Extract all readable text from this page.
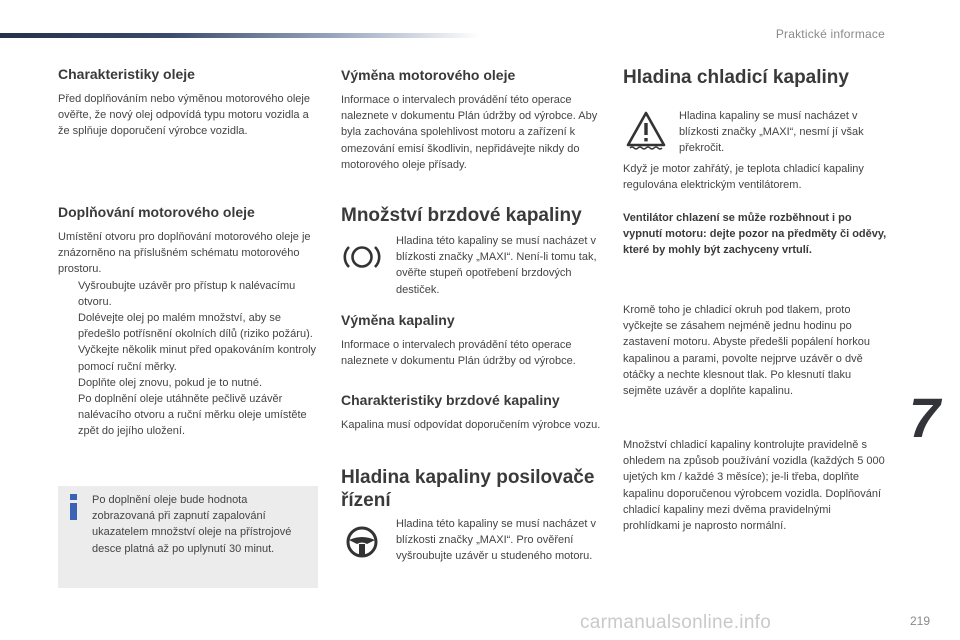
Praktické informace
Charakteristiky oleje

Před doplňováním nebo výměnou motorového oleje ověřte, že nový olej odpovídá typu motoru vozidla a že splňuje doporučení výrobce vozidla.

Doplňování motorového oleje

Umístění otvoru pro doplňování motorového oleje je znázorněno na příslušném schématu motorového prostoru.

Vyšroubujte uzávěr pro přístup k nalévacímu otvoru.
Dolévejte olej po malém množství, aby se předešlo potřísnění okolních dílů (riziko požáru).
Vyčkejte několik minut před opakováním kontroly pomocí ruční měrky.
Doplňte olej znovu, pokud je to nutné.
Po doplnění oleje utáhněte pečlivě uzávěr nalévacího otvoru a ruční měrku oleje umístěte zpět do jejího uložení.

Po doplnění oleje bude hodnota zobrazovaná při zapnutí zapalování ukazatelem množství oleje na přístrojové desce platná až po uplynutí 30 minut.

Výměna motorového oleje

Informace o intervalech provádění této operace naleznete v dokumentu Plán údržby od výrobce. Aby byla zachována spolehlivost motoru a zařízení k omezování emisí škodlivin, nepřidávejte nikdy do motorového oleje přísady.

Množství brzdové kapaliny

Hladina této kapaliny se musí nacházet v blízkosti značky „MAXI“. Není-li tomu tak, ověřte stupeň opotřebení brzdových destiček.

Výměna kapaliny

Informace o intervalech provádění této operace naleznete v dokumentu Plán údržby od výrobce.

Charakteristiky brzdové kapaliny

Kapalina musí odpovídat doporučením výrobce vozu.

Hladina kapaliny posilovače řízení

Hladina této kapaliny se musí nacházet v blízkosti značky „MAXI“. Pro ověření vyšroubujte uzávěr u studeného motoru.

Hladina chladicí kapaliny

Hladina kapaliny se musí nacházet v blízkosti značky „MAXI“, nesmí jí však překročit.

Když je motor zahřátý, je teplota chladicí kapaliny regulována elektrickým ventilátorem.

Ventilátor chlazení se může rozběhnout i po vypnutí motoru: dejte pozor na předměty či oděvy, které by mohly být zachyceny vrtulí.

Kromě toho je chladicí okruh pod tlakem, proto vyčkejte se zásahem nejméně jednu hodinu po zastavení motoru. Abyste předešli popálení horkou kapalinou a parami, povolte nejprve uzávěr o dvě otáčky a nechte klesnout tlak. Po klesnutí tlaku sejměte uzávěr a doplňte kapalinu.

Množství chladicí kapaliny kontrolujte pravidelně s ohledem na způsob používání vozidla (každých 5 000 ujetých km / každé 3 měsíce); je-li třeba, doplňte kapalinu doporučenou výrobcem vozidla. Doplňování chladicí kapaliny mezi dvěma pravidelnými prohlídkami je naprosto normální.

7
carmanualsonline.info	219
